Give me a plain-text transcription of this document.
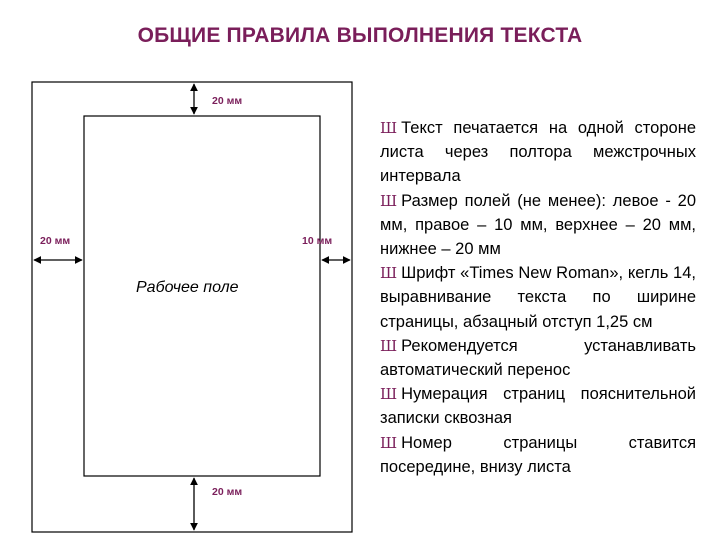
ОБЩИЕ ПРАВИЛА ВЫПОЛНЕНИЯ ТЕКСТА
20 мм
20 мм	10 мм
20 мм
Рабочее поле

Ш Текст печатается на одной стороне листа через полтора межстрочных интервала

Ш Размер полей (не менее): левое - 20 мм, правое – 10 мм, верхнее – 20 мм, нижнее – 20 мм

Ш Шрифт «Times New Roman», кегль 14, выравнивание текста по ширине страницы, абзацный отступ 1,25 см

Ш Рекомендуется устанавливать автоматический перенос

Ш Нумерация страниц пояснительной записки сквозная

Ш Номер страницы ставится посередине, внизу листа
